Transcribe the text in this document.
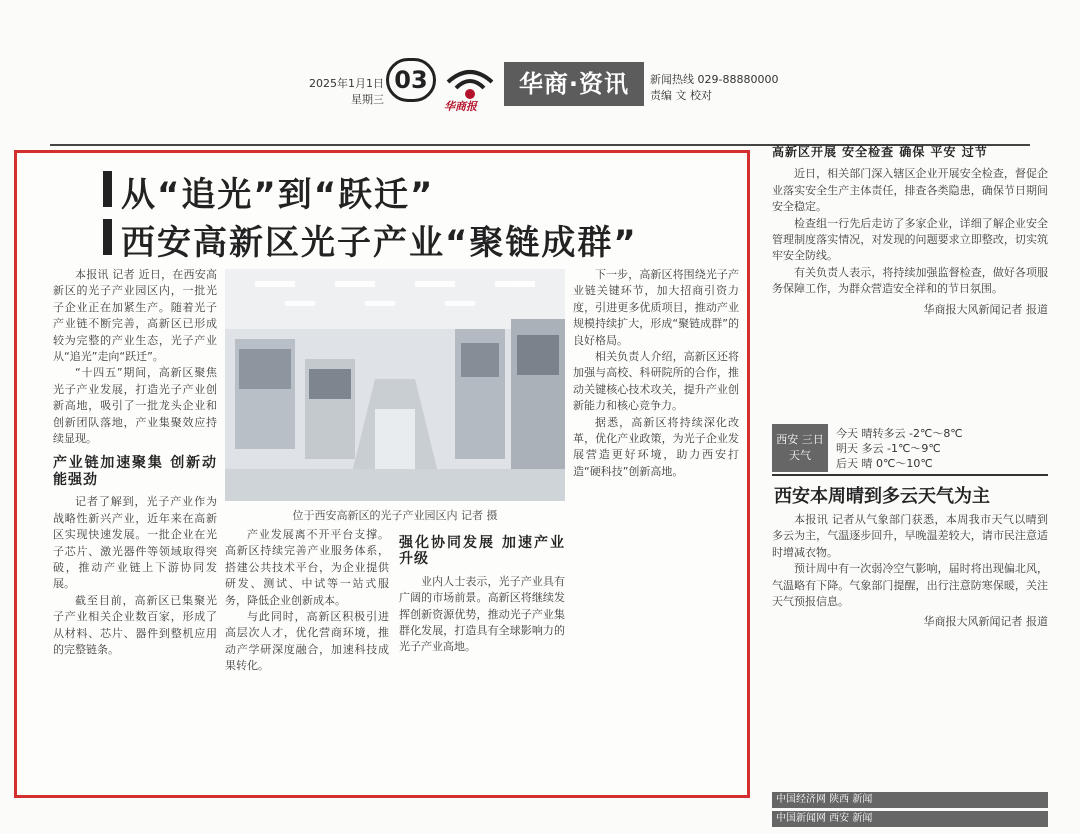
2025年1月1日
星期三
03
华商报
华商·资讯	新闻热线 029-88880000
责编 文 校对
从“追光”到“跃迁”
西安高新区光子产业“聚链成群”

本报讯 记者 近日，在西安高新区的光子产业园区内，一批光子企业正在加紧生产。随着光子产业链不断完善，高新区已形成较为完整的产业生态，光子产业从“追光”走向“跃迁”。

“十四五”期间，高新区聚焦光子产业发展，打造光子产业创新高地，吸引了一批龙头企业和创新团队落地，产业集聚效应持续显现。

产业链加速聚集 创新动能强劲

记者了解到，光子产业作为战略性新兴产业，近年来在高新区实现快速发展。一批企业在光子芯片、激光器件等领域取得突破，推动产业链上下游协同发展。

截至目前，高新区已集聚光子产业相关企业数百家，形成了从材料、芯片、器件到整机应用的完整链条。

位于西安高新区的光子产业园区内 记者 摄

产业发展离不开平台支撑。高新区持续完善产业服务体系，搭建公共技术平台，为企业提供研发、测试、中试等一站式服务，降低企业创新成本。

与此同时，高新区积极引进高层次人才，优化营商环境，推动产学研深度融合，加速科技成果转化。

强化协同发展 加速产业升级

业内人士表示，光子产业具有广阔的市场前景。高新区将继续发挥创新资源优势，推动光子产业集群化发展，打造具有全球影响力的光子产业高地。

下一步，高新区将围绕光子产业链关键环节，加大招商引资力度，引进更多优质项目，推动产业规模持续扩大，形成“聚链成群”的良好格局。

相关负责人介绍，高新区还将加强与高校、科研院所的合作，推动关键核心技术攻关，提升产业创新能力和核心竞争力。

据悉，高新区将持续深化改革，优化产业政策，为光子企业发展营造更好环境，助力西安打造“硬科技”创新高地。

高新区开展 安全检查 确保 平安 过节

近日，相关部门深入辖区企业开展安全检查，督促企业落实安全生产主体责任，排查各类隐患，确保节日期间安全稳定。

检查组一行先后走访了多家企业，详细了解企业安全管理制度落实情况，对发现的问题要求立即整改，切实筑牢安全防线。

有关负责人表示，将持续加强监督检查，做好各项服务保障工作，为群众营造安全祥和的节日氛围。

华商报大风新闻记者 报道
西安 三日天气
今天 晴转多云 -2℃～8℃
明天 多云 -1℃～9℃
后天 晴 0℃～10℃
西安本周晴到多云天气为主

本报讯 记者从气象部门获悉，本周我市天气以晴到多云为主，气温逐步回升，早晚温差较大，请市民注意适时增减衣物。

预计周中有一次弱冷空气影响，届时将出现偏北风，气温略有下降。气象部门提醒，出行注意防寒保暖，关注天气预报信息。

华商报大风新闻记者 报道
中国经济网 陕西 新闻
中国新闻网 西安 新闻
